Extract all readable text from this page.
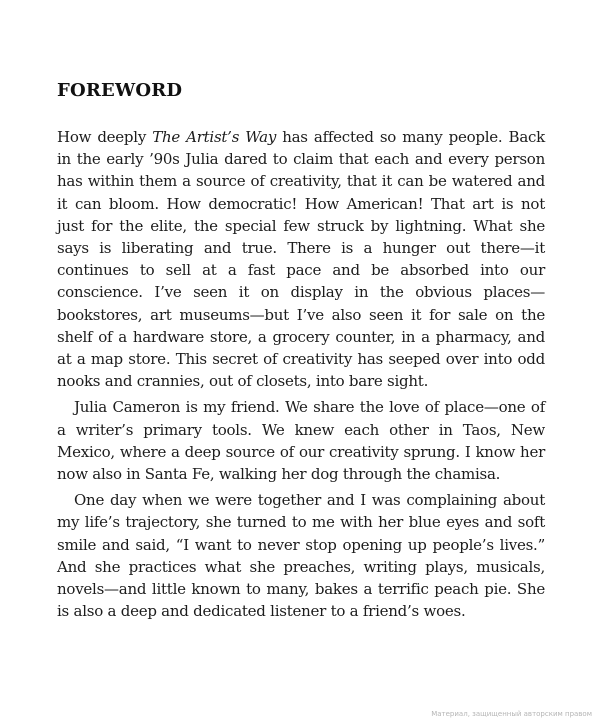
FOREWORD

How deeply The Artist’s Way has affected so many people. Back in the early ’90s Julia dared to claim that each and every person has within them a source of creativity, that it can be watered and it can bloom. How democratic! How American! That art is not just for the elite, the special few struck by lightning. What she says is liberating and true. There is a hunger out there—it continues to sell at a fast pace and be absorbed into our conscience. I’ve seen it on display in the obvious places—bookstores, art museums—but I’ve also seen it for sale on the shelf of a hardware store, a grocery counter, in a pharmacy, and at a map store. This secret of creativity has seeped over into odd nooks and crannies, out of closets, into bare sight.

Julia Cameron is my friend. We share the love of place—one of a writer’s primary tools. We knew each other in Taos, New Mexico, where a deep source of our creativity sprung. I know her now also in Santa Fe, walking her dog through the chamisa.

One day when we were together and I was complaining about my life’s trajectory, she turned to me with her blue eyes and soft smile and said, “I want to never stop opening up people’s lives.” And she practices what she preaches, writing plays, musicals, novels—and little known to many, bakes a terrific peach pie. She is also a deep and dedicated listener to a friend’s woes.

Материал, защищенный авторским правом
